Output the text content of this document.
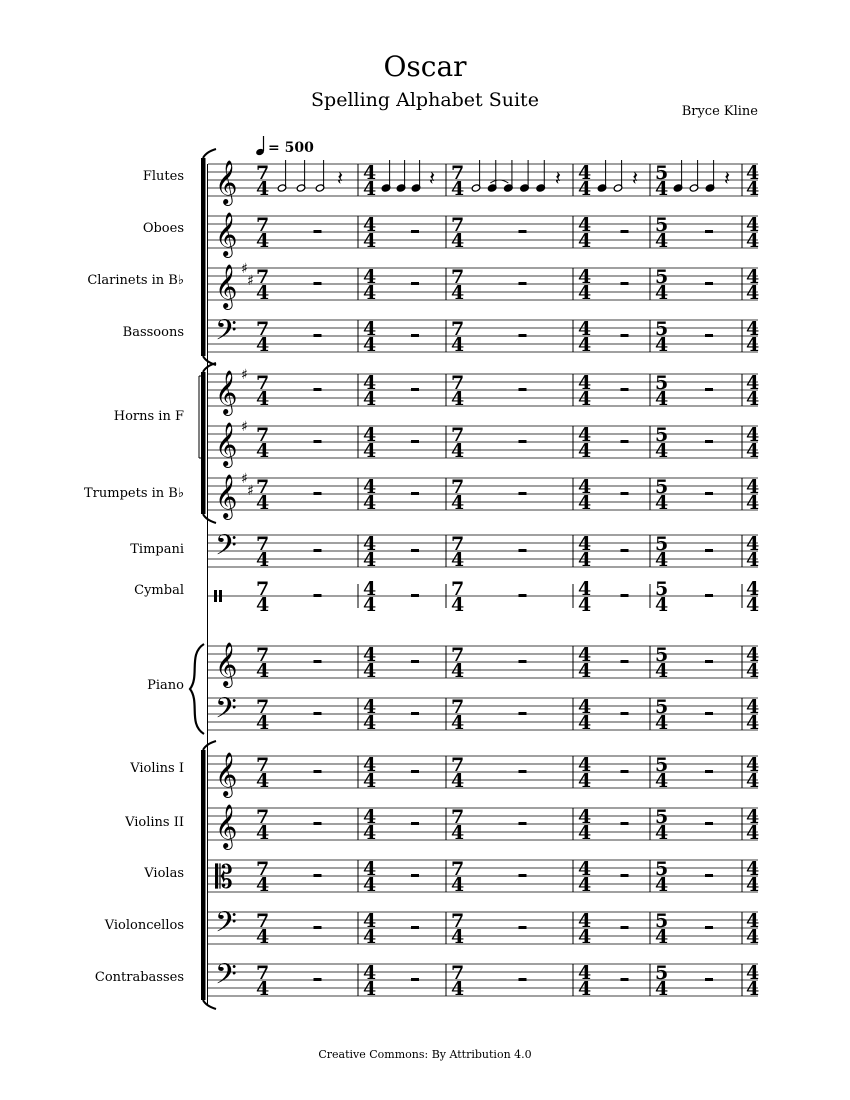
Oscar
Spelling Alphabet Suite
Bryce Kline
= 500
𝄞 7
4
4
4
7
4
4
4
5
4
4
4
Flutes
𝄞 7
4
4
4
7
4
4
4
5
4
4
4
Oboes
𝄞 ♯
♯ 7
4
4
4
7
4
4
4
5
4
4
4
Clarinets in B♭
𝄢 7
4
4
4
7
4
4
4
5
4
4
4
Bassoons
𝄞 ♯ 7
4
4
4
7
4
4
4
5
4
4
4
Horns in F
𝄞 ♯ 7
4
4
4
7
4
4
4
5
4
4
4
𝄞 ♯
♯ 7
4
4
4
7
4
4
4
5
4
4
4
Trumpets in B♭
𝄢 7
4
4
4
7
4
4
4
5
4
4
4
Timpani
7
4
4
4
7
4
4
4
5
4
4
4
Cymbal
𝄞 7
4
4
4
7
4
4
4
5
4
4
4
Piano
𝄢 7
4
4
4
7
4
4
4
5
4
4
4
𝄞 7
4
4
4
7
4
4
4
5
4
4
4
Violins I
𝄞 7
4
4
4
7
4
4
4
5
4
4
4
Violins II
𝄡 7
4
4
4
7
4
4
4
5
4
4
4
Violas
𝄢 7
4
4
4
7
4
4
4
5
4
4
4
Violoncellos
𝄢 7
4
4
4
7
4
4
4
5
4
4
4
Contrabasses
𝄽	𝄽	𝄽	𝄽	𝄽
Creative Commons: By Attribution 4.0
